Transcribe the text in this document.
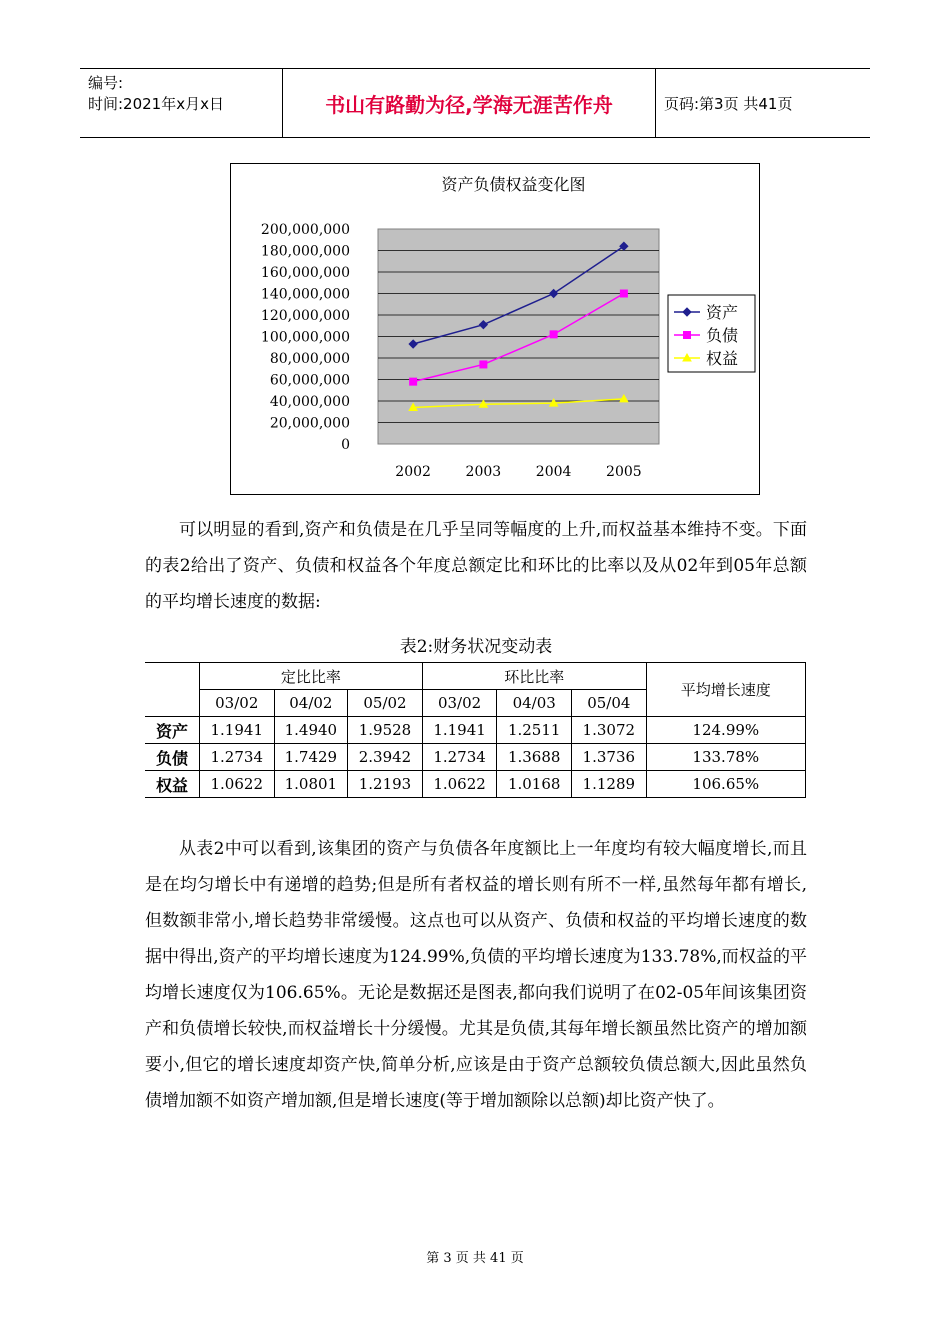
编号:
时间:2021年x月x日	书山有路勤为径,学海无涯苦作舟	页码:第3页 共41页
资产负债权益变化图
200,000,000
180,000,000
160,000,000
140,000,000
120,000,000
100,000,000
80,000,000
60,000,000
40,000,000
20,000,000
0
2002 2003 2004 2005
资产
负债
权益

可以明显的看到,资产和负债是在几乎呈同等幅度的上升,而权益基本维持不变。下面的表2给出了资产、负债和权益各个年度总额定比和环比的比率以及从02年到05年总额的平均增长速度的数据:

表2:财务状况变动表
	定比比率			环比比率			平均增长速度
	03/02	04/02	05/02	03/02	04/03	05/04	
资产	1.1941	1.4940	1.9528	1.1941	1.2511	1.3072	124.99%
负债	1.2734	1.7429	2.3942	1.2734	1.3688	1.3736	133.78%
权益	1.0622	1.0801	1.2193	1.0622	1.0168	1.1289	106.65%

从表2中可以看到,该集团的资产与负债各年度额比上一年度均有较大幅度增长,而且是在均匀增长中有递增的趋势;但是所有者权益的增长则有所不一样,虽然每年都有增长,但数额非常小,增长趋势非常缓慢。这点也可以从资产、负债和权益的平均增长速度的数据中得出,资产的平均增长速度为124.99%,负债的平均增长速度为133.78%,而权益的平均增长速度仅为106.65%。无论是数据还是图表,都向我们说明了在02-05年间该集团资产和负债增长较快,而权益增长十分缓慢。尤其是负债,其每年增长额虽然比资产的增加额要小,但它的增长速度却资产快,简单分析,应该是由于资产总额较负债总额大,因此虽然负债增加额不如资产增加额,但是增长速度(等于增加额除以总额)却比资产快了。

第 3 页 共 41 页
